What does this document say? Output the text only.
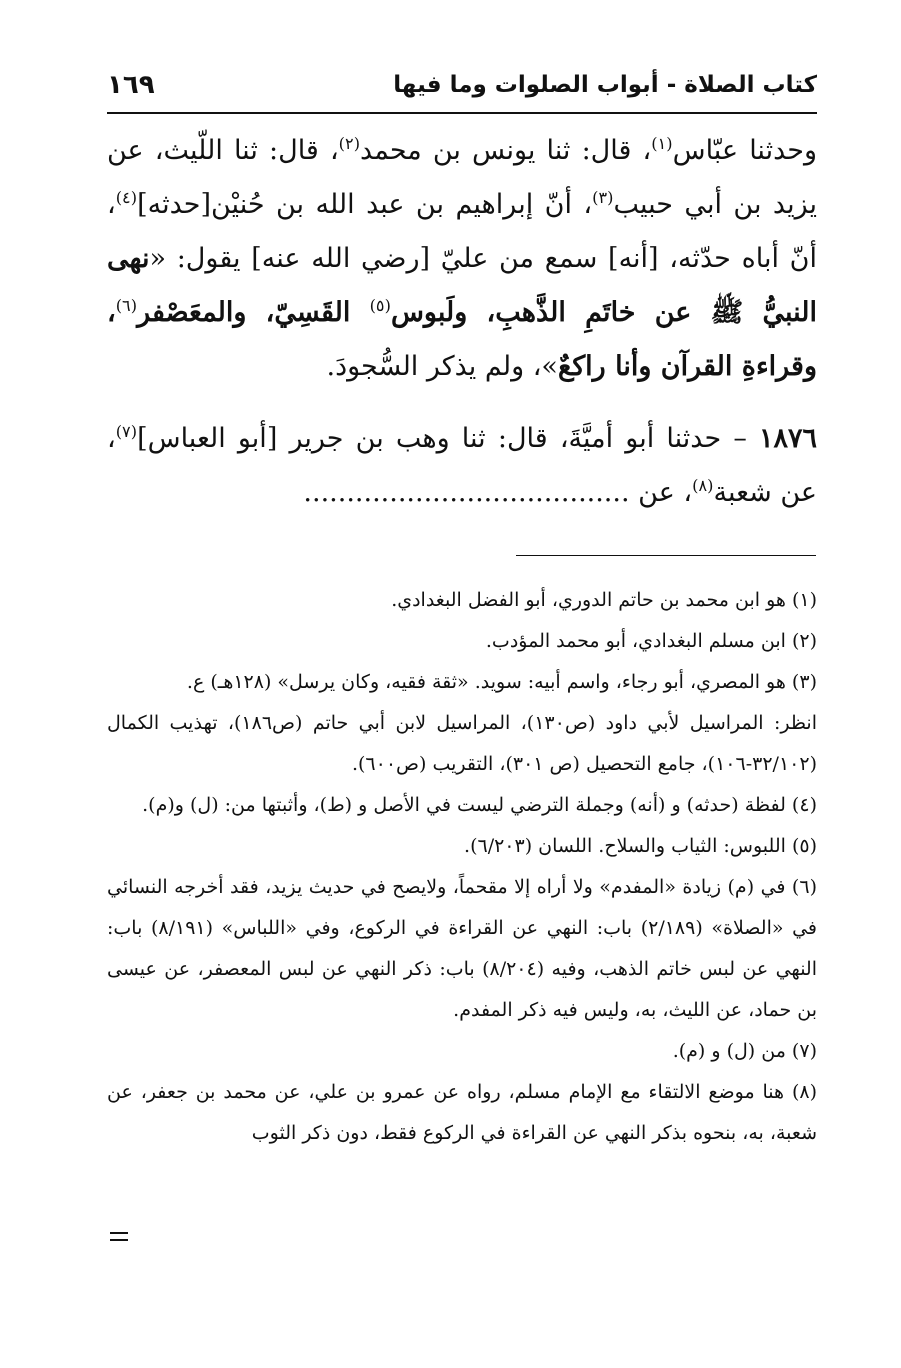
كتاب الصلاة - أبواب الصلوات وما فيها
١٦٩

وحدثنا عبّاس$^{(١)}$، قال: ثنا يونس بن محمد$^{(٢)}$، قال: ثنا اللّيث، عن يزيد بن أبي حبيب$^{(٣)}$، أنّ إبراهيم بن عبد الله بن حُنيْن[حدثه]$^{(٤)}$، أنّ أباه حدّثه، [أنه] سمع من عليّ [رضي الله عنه] يقول: «نهى النبيُّ ﷺ عن خاتَمِ الذَّهبِ، ولَبوس$^{(٥)}$ القَسِيّ، والمعَصْفر$^{(٦)}$، وقراءةِ القرآن وأنا راكعٌ»، ولم يذكر السُّجودَ.

١٨٧٦ – حدثنا أبو أميَّةَ، قال: ثنا وهب بن جرير [أبو العباس]$^{(٧)}$، عن شعبة$^{(٨)}$، عن ......................................

(١) هو ابن محمد بن حاتم الدوري، أبو الفضل البغدادي.

(٢) ابن مسلم البغدادي، أبو محمد المؤدب.

(٣) هو المصري، أبو رجاء، واسم أبيه: سويد. «ثقة فقيه، وكان يرسل» (١٢٨هـ) ع.

انظر: المراسيل لأبي داود (ص١٣٠)، المراسيل لابن أبي حاتم (ص١٨٦)، تهذيب الكمال (٣٢/١٠٢-١٠٦)، جامع التحصيل (ص ٣٠١)، التقريب (ص٦٠٠).

(٤) لفظة (حدثه) و (أنه) وجملة الترضي ليست في الأصل و (ط)، وأثبتها من: (ل) و(م).

(٥) اللبوس: الثياب والسلاح. اللسان (٦/٢٠٣).

(٦) في (م) زيادة «المفدم» ولا أراه إلا مقحماً، ولايصح في حديث يزيد، فقد أخرجه النسائي في «الصلاة» (٢/١٨٩) باب: النهي عن القراءة في الركوع، وفي «اللباس» (٨/١٩١) باب: النهي عن لبس خاتم الذهب، وفيه (٨/٢٠٤) باب: ذكر النهي عن لبس المعصفر، عن عيسى بن حماد، عن الليث، به، وليس فيه ذكر المفدم.

(٧) من (ل) و (م).

(٨) هنا موضع الالتقاء مع الإمام مسلم، رواه عن عمرو بن علي، عن محمد بن جعفر، عن شعبة، به، بنحوه بذكر النهي عن القراءة في الركوع فقط، دون ذكر الثوب
